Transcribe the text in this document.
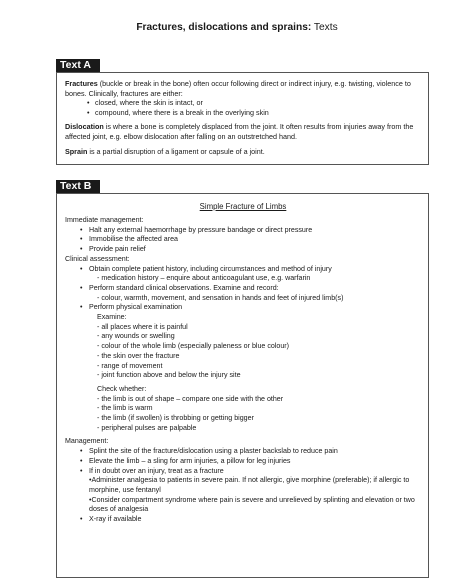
Fractures, dislocations and sprains: Texts
Text A

Fractures (buckle or break in the bone) often occur following direct or indirect injury, e.g. twisting, violence to bones. Clinically, fractures are either:

• closed, where the skin is intact, or
• compound, where there is a break in the overlying skin

Dislocation is where a bone is completely displaced from the joint. It often results from injuries away from the affected joint, e.g. elbow dislocation after falling on an outstretched hand.

Sprain is a partial disruption of a ligament or capsule of a joint.

Text B
Simple Fracture of Limbs
Immediate management:
• Halt any external haemorrhage by pressure bandage or direct pressure
• Immobilise the affected area
• Provide pain relief
Clinical assessment:
• Obtain complete patient history, including circumstances and method of injury
- medication history – enquire about anticoagulant use, e.g. warfarin
• Perform standard clinical observations. Examine and record:
- colour, warmth, movement, and sensation in hands and feet of injured limb(s)
• Perform physical examination
Examine:
- all places where it is painful
- any wounds or swelling
- colour of the whole limb (especially paleness or blue colour)
- the skin over the fracture
- range of movement
- joint function above and below the injury site
Check whether:
- the limb is out of shape – compare one side with the other
- the limb is warm
- the limb (if swollen) is throbbing or getting bigger
- peripheral pulses are palpable
Management:
• Splint the site of the fracture/dislocation using a plaster backslab to reduce pain
• Elevate the limb – a sling for arm injuries, a pillow for leg injuries
• If in doubt over an injury, treat as a fracture
•Administer analgesia to patients in severe pain. If not allergic, give morphine (preferable); if allergic to morphine, use fentanyl
•Consider compartment syndrome where pain is severe and unrelieved by splinting and elevation or two doses of analgesia
• X-ray if available
